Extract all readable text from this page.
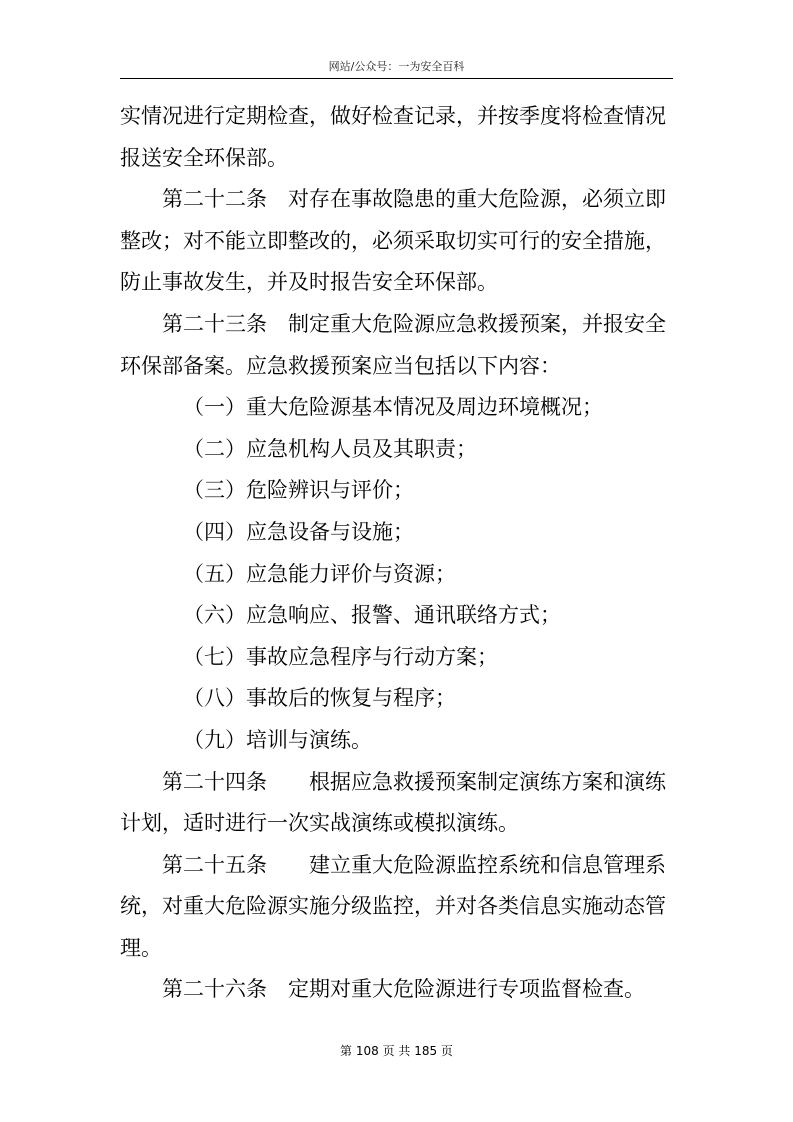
网站/公众号：一为安全百科
实情况进行定期检查，做好检查记录，并按季度将检查情况
报送安全环保部。
第二十二条　对存在事故隐患的重大危险源，必须立即
整改；对不能立即整改的，必须采取切实可行的安全措施，
防止事故发生，并及时报告安全环保部。
第二十三条　制定重大危险源应急救援预案，并报安全
环保部备案。应急救援预案应当包括以下内容：
（一）重大危险源基本情况及周边环境概况；
（二）应急机构人员及其职责；
（三）危险辨识与评价；
（四）应急设备与设施；
（五）应急能力评价与资源；
（六）应急响应、报警、通讯联络方式；
（七）事故应急程序与行动方案；
（八）事故后的恢复与程序；
（九）培训与演练。
第二十四条　　根据应急救援预案制定演练方案和演练
计划，适时进行一次实战演练或模拟演练。
第二十五条　　建立重大危险源监控系统和信息管理系
统，对重大危险源实施分级监控，并对各类信息实施动态管
理。
第二十六条　定期对重大危险源进行专项监督检查。
第 108 页 共 185 页
